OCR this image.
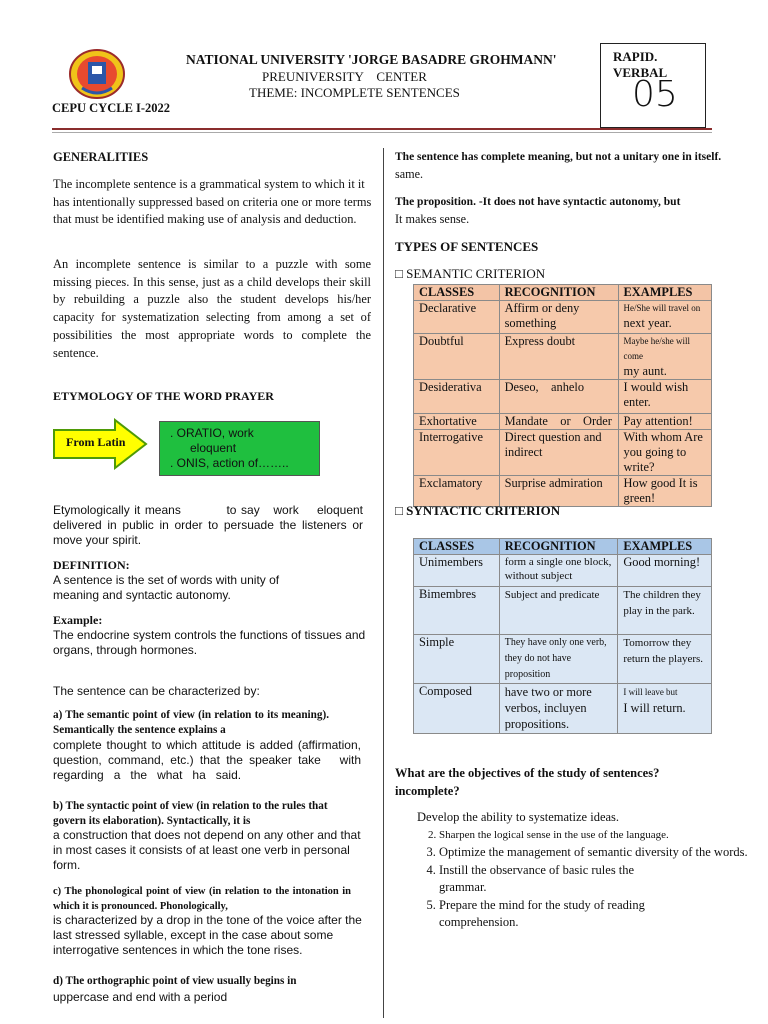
NATIONAL UNIVERSITY 'JORGE BASADRE GROHMANN'
PREUNIVERSITY    CENTER
THEME: INCOMPLETE SENTENCES
CEPU CYCLE I-2022
RAPID. VERBAL
05
GENERALITIES
The incomplete sentence is a grammatical system to which it it has intentionally suppressed based on criteria one or more terms that must be identified making use of analysis and deduction.
An incomplete sentence is similar to a puzzle with some missing pieces. In this sense, just as a child develops their skill by rebuilding a puzzle also the student develops his/her capacity for systematization selecting from among a set of possibilities the most appropriate words to complete the sentence.
ETYMOLOGY OF THE WORD PRAYER
From Latin
. ORATIO, work
eloquent
. ONIS, action of……..
Etymologically it means          to say   work    eloquent delivered in public in order to persuade the listeners or move your spirit.
DEFINITION:
A sentence is the set of words with unity of meaning and syntactic autonomy.
Example:
The endocrine system controls the functions of tissues and organs, through hormones.
The sentence can be characterized by:
a) The semantic point of view (in relation to its meaning). Semantically the sentence explains a
complete thought to which attitude is added (affirmation, question, command, etc.) that the speaker take   with   regarding   a   the   what   ha   said.
b) The syntactic point of view (in relation to the rules that govern its elaboration). Syntactically, it is
a construction that does not depend on any other and that in most cases it consists of at least one verb in personal form.
c) The phonological point of view (in relation to the intonation in which it is pronounced. Phonologically,
is characterized by a drop in the tone of the voice after the last stressed syllable, except in the case about some interrogative sentences in which the tone rises.
d) The orthographic point of view usually begins in
uppercase and end with a period
The sentence has complete meaning, but not a unitary one in itself.
same.
The proposition. -It does not have syntactic autonomy, but
It makes sense.
TYPES OF SENTENCES
□ SEMANTIC CRITERION
CLASSES	RECOGNITION	EXAMPLES
Declarative	Affirm or deny something	He/She will travel on
next year.

Doubtful	Express doubt	Maybe he/she will come
my aunt.

Desiderativa	Deseo,    anhelo	I would wish enter.
Exhortative	Mandate    or    Order	Pay attention!
Interrogative	Direct question and indirect	With whom Are you going to write?
Exclamatory	Surprise admiration	How good It is green!
□ SYNTACTIC CRITERION
CLASSES	RECOGNITION	EXAMPLES
Unimembers	form a single one block, without subject	Good morning!
Bimembres	Subject and predicate	The children they play in the park.
Simple	They have only one verb, they do not have proposition	Tomorrow they return the players.
Composed	have two or more verbos, incluyen propositions.	I will leave but
I will return.
What are the objectives of the study of sentences? incomplete?
Develop the ability to systematize ideas.
2. Sharpen the logical sense in the use of the language.
3. Optimize the management of semantic diversity of the words.
4. Instill the observance of basic rules the grammar.
5. Prepare the mind for the study of reading comprehension.
